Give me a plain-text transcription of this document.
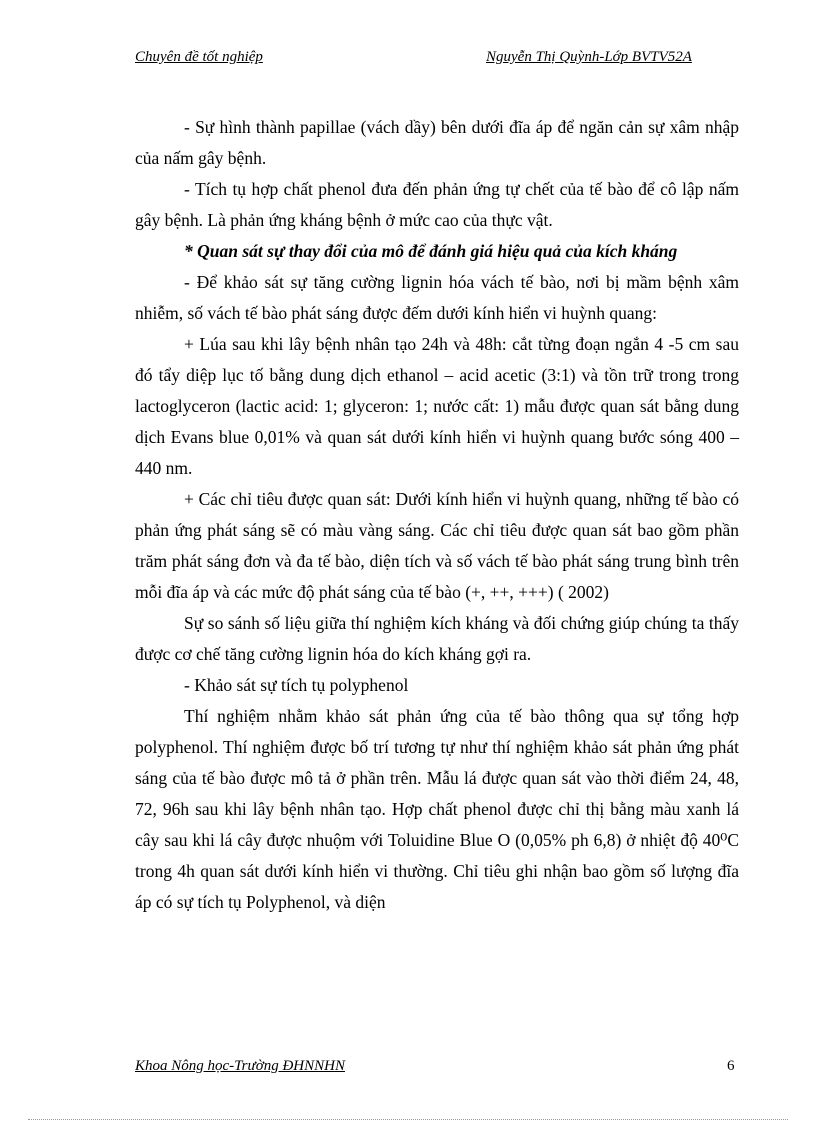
Chuyên đề tốt nghiệp	Nguyễn Thị Quỳnh-Lớp BVTV52A

- Sự hình thành papillae (vách dầy) bên dưới đĩa áp để ngăn cản sự xâm nhập của nấm gây bệnh.

- Tích tụ hợp chất phenol đưa đến phản ứng tự chết của tế bào để cô lập nấm gây bệnh. Là phản ứng kháng bệnh ở mức cao của thực vật.

* Quan sát sự thay đổi của mô để đánh giá hiệu quả của kích kháng

- Để khảo sát sự tăng cường lignin hóa vách tế bào, nơi bị mầm bệnh xâm nhiễm, số vách tế bào phát sáng được đếm dưới kính hiển vi huỳnh quang:

+ Lúa sau khi lây bệnh nhân tạo 24h và 48h: cắt từng đoạn ngắn 4 -5 cm sau đó tẩy diệp lục tố bằng dung dịch ethanol – acid acetic (3:1) và tồn trữ trong trong lactoglyceron (lactic acid: 1; glyceron: 1; nước cất: 1) mẫu được quan sát bằng dung dịch Evans blue 0,01% và quan sát dưới kính hiển vi huỳnh quang bước sóng 400 – 440 nm.

+ Các chỉ tiêu được quan sát: Dưới kính hiển vi huỳnh quang, những tế bào có phản ứng phát sáng sẽ có màu vàng sáng. Các chỉ tiêu được quan sát bao gồm phần trăm phát sáng đơn và đa tế bào, diện tích và số vách tế bào phát sáng trung bình trên mỗi đĩa áp và các mức độ phát sáng của tế bào (+, ++, +++) ( 2002)

Sự so sánh số liệu giữa thí nghiệm kích kháng và đối chứng giúp chúng ta thấy được cơ chế tăng cường lignin hóa do kích kháng gợi ra.

- Khảo sát sự tích tụ polyphenol

Thí nghiệm nhằm khảo sát phản ứng của tế bào thông qua sự tổng hợp polyphenol. Thí nghiệm được bố trí tương tự như thí nghiệm khảo sát phản ứng phát sáng của tế bào được mô tả ở phần trên. Mẫu lá được quan sát vào thời điểm 24, 48, 72, 96h sau khi lây bệnh nhân tạo. Hợp chất phenol được chỉ thị bằng màu xanh lá cây sau khi lá cây được nhuộm với Toluidine Blue O (0,05% ph 6,8) ở nhiệt độ 40⁰C trong 4h quan sát dưới kính hiển vi thường. Chỉ tiêu ghi nhận bao gồm số lượng đĩa áp có sự tích tụ Polyphenol, và diện

Khoa Nông học-Trường ĐHNNHN	6
